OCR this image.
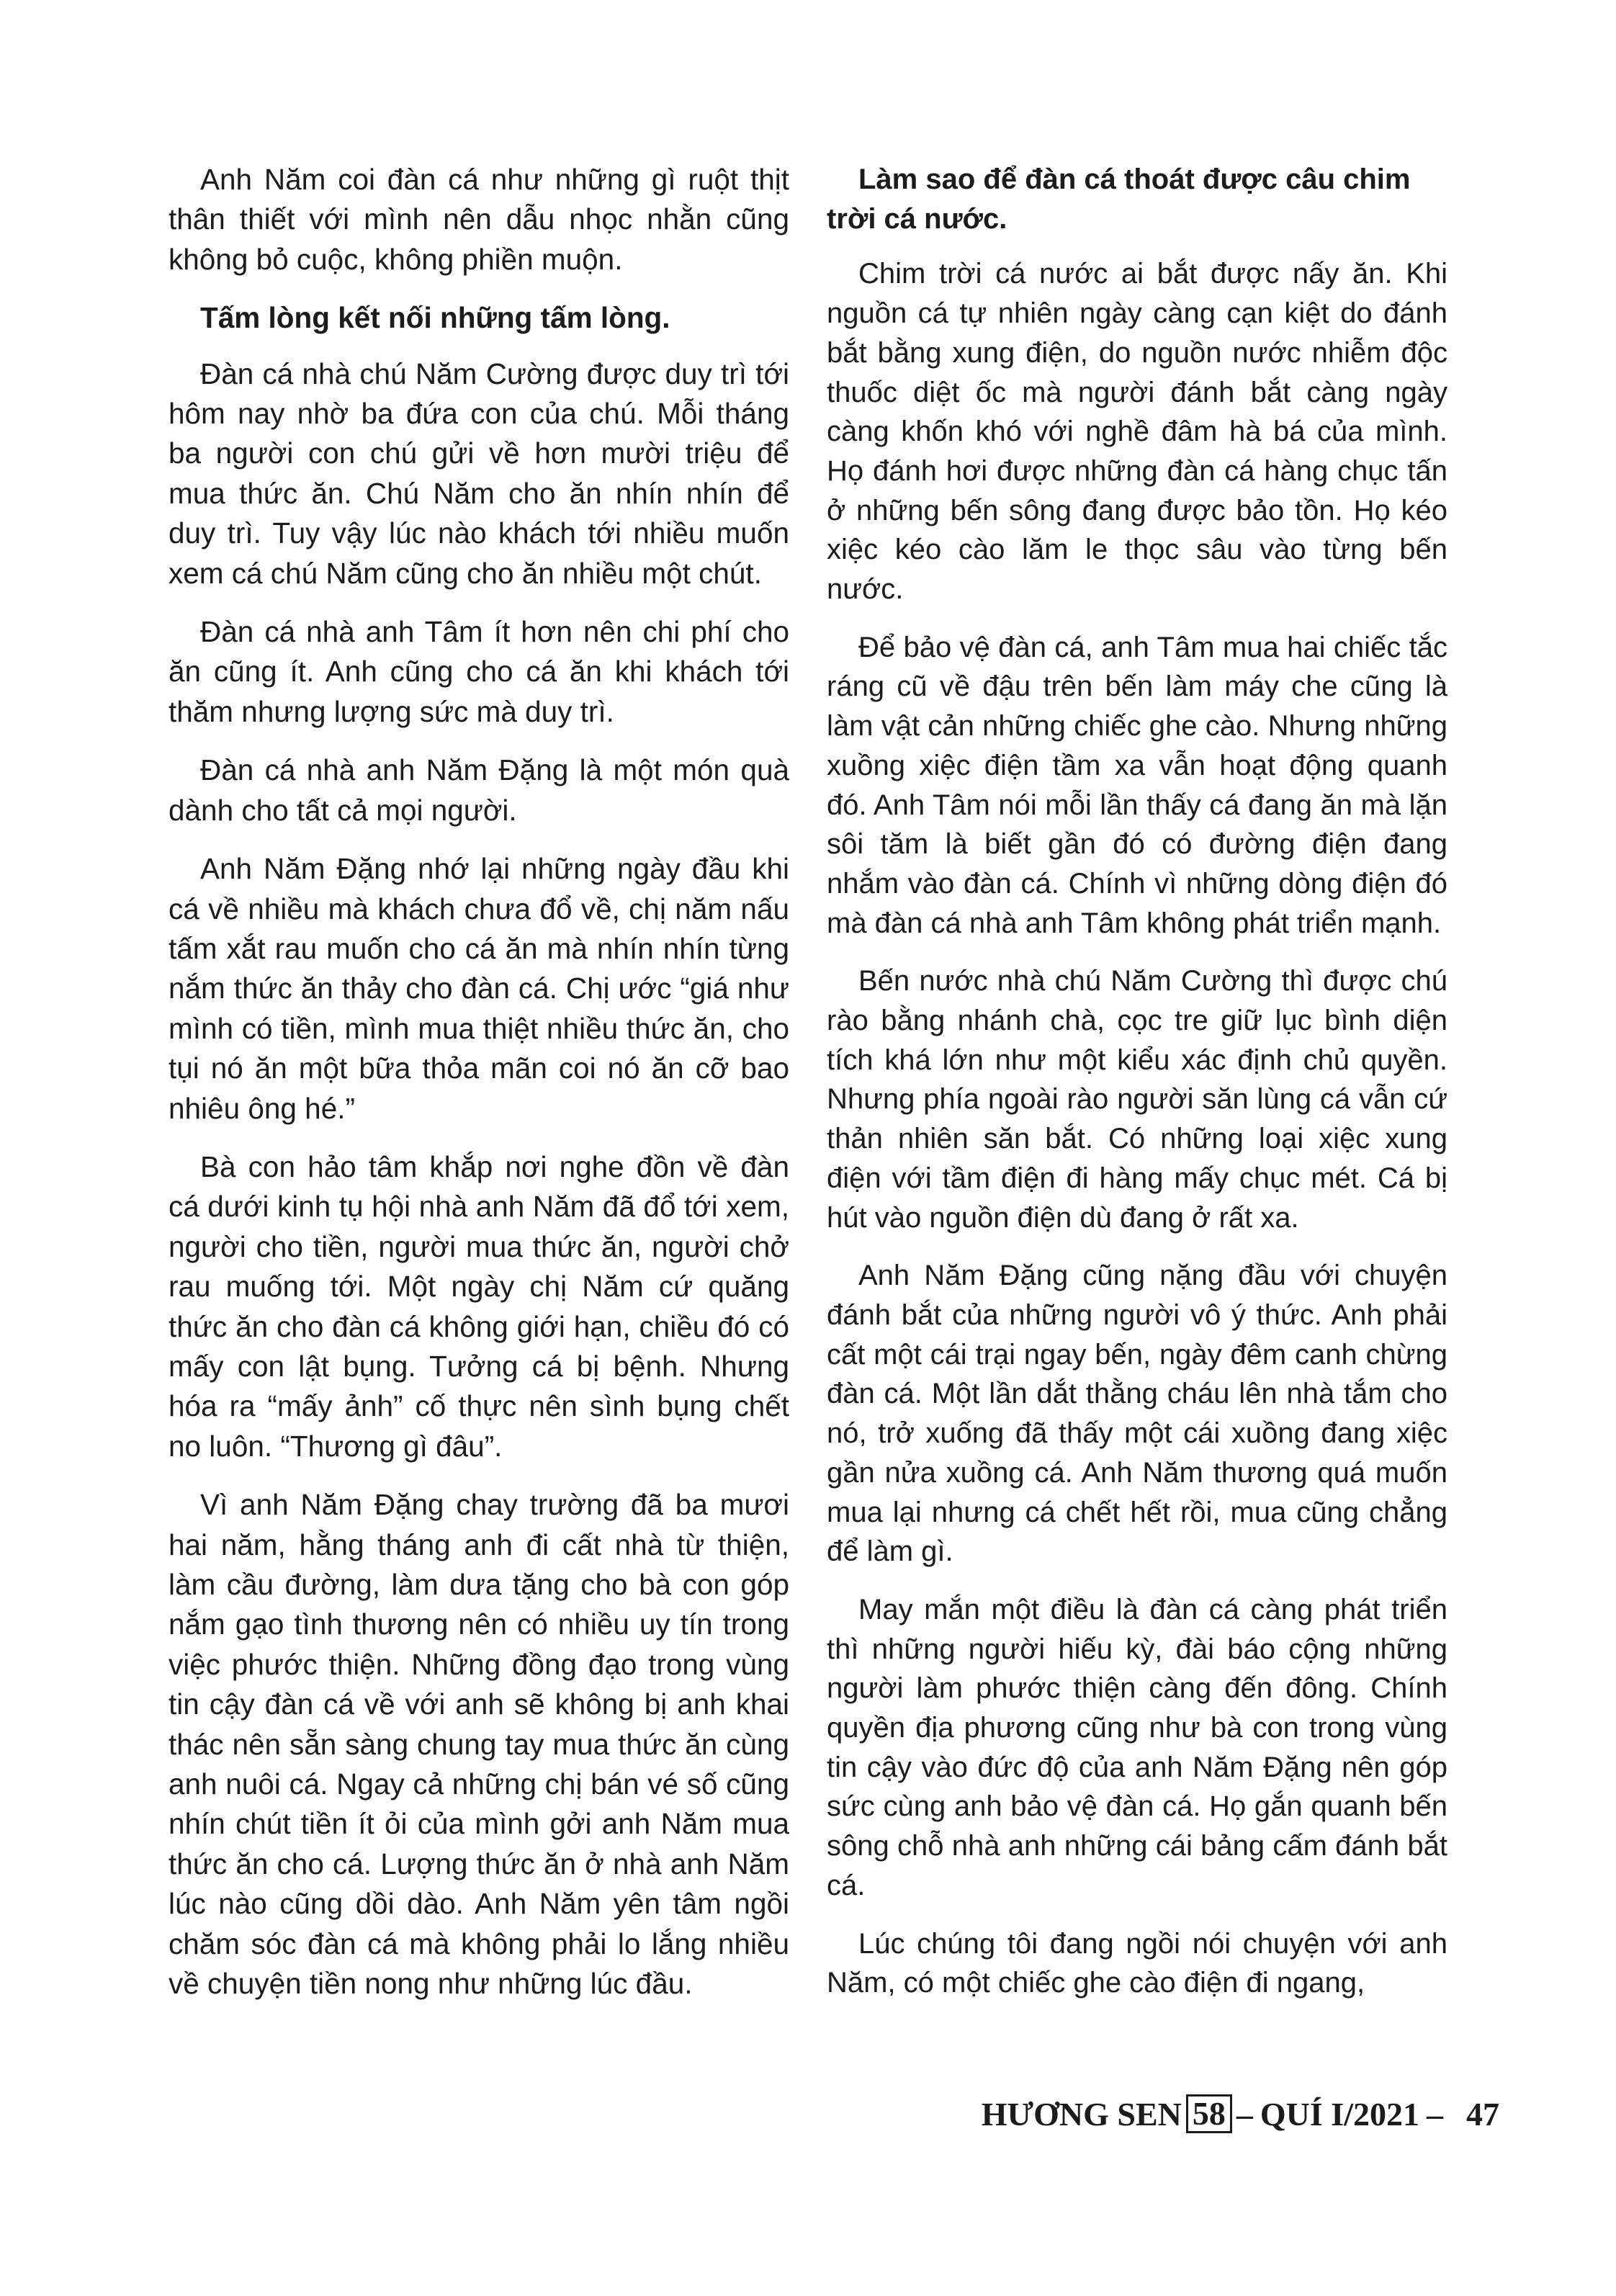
Anh Năm coi đàn cá như những gì ruột thịt thân thiết với mình nên dẫu nhọc nhằn cũng không bỏ cuộc, không phiền muộn.

Tấm lòng kết nối những tấm lòng.

Đàn cá nhà chú Năm Cường được duy trì tới hôm nay nhờ ba đứa con của chú. Mỗi tháng ba người con chú gửi về hơn mười triệu để mua thức ăn. Chú Năm cho ăn nhín nhín để duy trì. Tuy vậy lúc nào khách tới nhiều muốn xem cá chú Năm cũng cho ăn nhiều một chút.

Đàn cá nhà anh Tâm ít hơn nên chi phí cho ăn cũng ít. Anh cũng cho cá ăn khi khách tới thăm nhưng lượng sức mà duy trì.

Đàn cá nhà anh Năm Đặng là một món quà dành cho tất cả mọi người.

Anh Năm Đặng nhớ lại những ngày đầu khi cá về nhiều mà khách chưa đổ về, chị năm nấu tấm xắt rau muốn cho cá ăn mà nhín nhín từng nắm thức ăn thảy cho đàn cá. Chị ước “giá như mình có tiền, mình mua thiệt nhiều thức ăn, cho tụi nó ăn một bữa thỏa mãn coi nó ăn cỡ bao nhiêu ông hé.”

Bà con hảo tâm khắp nơi nghe đồn về đàn cá dưới kinh tụ hội nhà anh Năm đã đổ tới xem, người cho tiền, người mua thức ăn, người chở rau muống tới. Một ngày chị Năm cứ quăng thức ăn cho đàn cá không giới hạn, chiều đó có mấy con lật bụng. Tưởng cá bị bệnh. Nhưng hóa ra “mấy ảnh” cố thực nên sình bụng chết no luôn. “Thương gì đâu”.

Vì anh Năm Đặng chay trường đã ba mươi hai năm, hằng tháng anh đi cất nhà từ thiện, làm cầu đường, làm dưa tặng cho bà con góp nắm gạo tình thương nên có nhiều uy tín trong việc phước thiện. Những đồng đạo trong vùng tin cậy đàn cá về với anh sẽ không bị anh khai thác nên sẵn sàng chung tay mua thức ăn cùng anh nuôi cá. Ngay cả những chị bán vé số cũng nhín chút tiền ít ỏi của mình gởi anh Năm mua thức ăn cho cá. Lượng thức ăn ở nhà anh Năm lúc nào cũng dồi dào. Anh Năm yên tâm ngồi chăm sóc đàn cá mà không phải lo lắng nhiều về chuyện tiền nong như những lúc đầu.

Làm sao để đàn cá thoát được câu chim trời cá nước.

Chim trời cá nước ai bắt được nấy ăn. Khi nguồn cá tự nhiên ngày càng cạn kiệt do đánh bắt bằng xung điện, do nguồn nước nhiễm độc thuốc diệt ốc mà người đánh bắt càng ngày càng khốn khó với nghề đâm hà bá của mình. Họ đánh hơi được những đàn cá hàng chục tấn ở những bến sông đang được bảo tồn. Họ kéo xiệc kéo cào lăm le thọc sâu vào từng bến nước.

Để bảo vệ đàn cá, anh Tâm mua hai chiếc tắc ráng cũ về đậu trên bến làm máy che cũng là làm vật cản những chiếc ghe cào. Nhưng những xuồng xiệc điện tầm xa vẫn hoạt động quanh đó. Anh Tâm nói mỗi lần thấy cá đang ăn mà lặn sôi tăm là biết gần đó có đường điện đang nhắm vào đàn cá. Chính vì những dòng điện đó mà đàn cá nhà anh Tâm không phát triển mạnh.

Bến nước nhà chú Năm Cường thì được chú rào bằng nhánh chà, cọc tre giữ lục bình diện tích khá lớn như một kiểu xác định chủ quyền. Nhưng phía ngoài rào người săn lùng cá vẫn cứ thản nhiên săn bắt. Có những loại xiệc xung điện với tầm điện đi hàng mấy chục mét. Cá bị hút vào nguồn điện dù đang ở rất xa.

Anh Năm Đặng cũng nặng đầu với chuyện đánh bắt của những người vô ý thức. Anh phải cất một cái trại ngay bến, ngày đêm canh chừng đàn cá. Một lần dắt thằng cháu lên nhà tắm cho nó, trở xuống đã thấy một cái xuồng đang xiệc gần nửa xuồng cá. Anh Năm thương quá muốn mua lại nhưng cá chết hết rồi, mua cũng chẳng để làm gì.

May mắn một điều là đàn cá càng phát triển thì những người hiếu kỳ, đài báo cộng những người làm phước thiện càng đến đông. Chính quyền địa phương cũng như bà con trong vùng tin cậy vào đức độ của anh Năm Đặng nên góp sức cùng anh bảo vệ đàn cá. Họ gắn quanh bến sông chỗ nhà anh những cái bảng cấm đánh bắt cá.

Lúc chúng tôi đang ngồi nói chuyện với anh Năm, có một chiếc ghe cào điện đi ngang,

HƯƠNG SEN 58 – QUÍ I/2021 – 47
